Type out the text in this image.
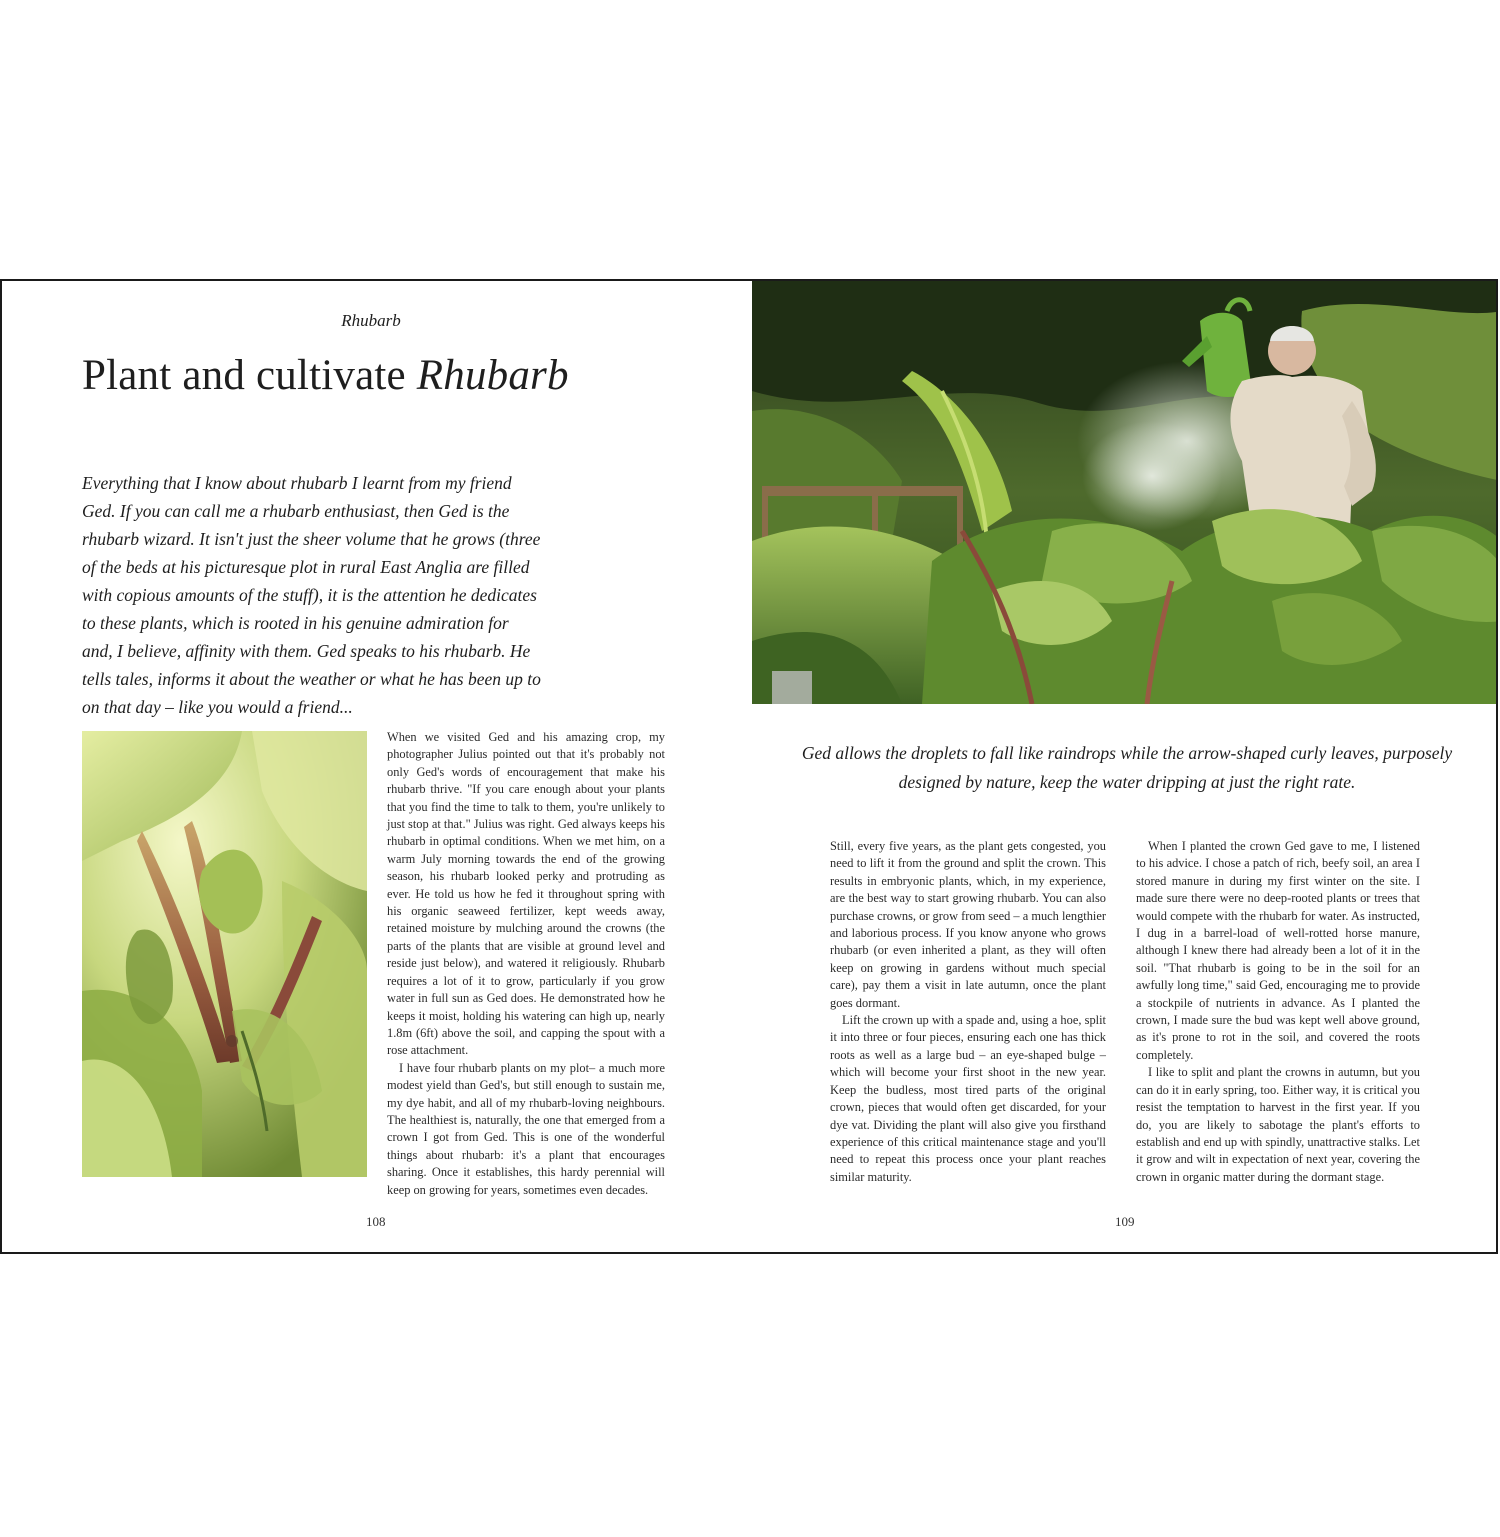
Rhubarb
Plant and cultivate Rhubarb

Everything that I know about rhubarb I learnt from my friend Ged. If you can call me a rhubarb enthusiast, then Ged is the rhubarb wizard. It isn't just the sheer volume that he grows (three of the beds at his picturesque plot in rural East Anglia are filled with copious amounts of the stuff), it is the attention he dedicates to these plants, which is rooted in his genuine admiration for and, I believe, affinity with them. Ged speaks to his rhubarb. He tells tales, informs it about the weather or what he has been up to on that day – like you would a friend...

When we visited Ged and his amazing crop, my photographer Julius pointed out that it's probably not only Ged's words of encouragement that make his rhubarb thrive. "If you care enough about your plants that you find the time to talk to them, you're unlikely to just stop at that." Julius was right. Ged always keeps his rhubarb in optimal conditions. When we met him, on a warm July morning towards the end of the growing season, his rhubarb looked perky and protruding as ever. He told us how he fed it throughout spring with his organic seaweed fertilizer, kept weeds away, retained moisture by mulching around the crowns (the parts of the plants that are visible at ground level and reside just below), and watered it religiously. Rhubarb requires a lot of it to grow, particularly if you grow water in full sun as Ged does. He demonstrated how he keeps it moist, holding his watering can high up, nearly 1.8m (6ft) above the soil, and capping the spout with a rose attachment.

I have four rhubarb plants on my plot– a much more modest yield than Ged's, but still enough to sustain me, my dye habit, and all of my rhubarb-loving neighbours. The healthiest is, naturally, the one that emerged from a crown I got from Ged. This is one of the wonderful things about rhubarb: it's a plant that encourages sharing. Once it establishes, this hardy perennial will keep on growing for years, sometimes even decades.

108

Ged allows the droplets to fall like raindrops while the arrow-shaped curly leaves, purposely designed by nature, keep the water dripping at just the right rate.

Still, every five years, as the plant gets congested, you need to lift it from the ground and split the crown. This results in embryonic plants, which, in my experience, are the best way to start growing rhubarb. You can also purchase crowns, or grow from seed – a much lengthier and laborious process. If you know anyone who grows rhubarb (or even inherited a plant, as they will often keep on growing in gardens without much special care), pay them a visit in late autumn, once the plant goes dormant.

Lift the crown up with a spade and, using a hoe, split it into three or four pieces, ensuring each one has thick roots as well as a large bud – an eye-shaped bulge – which will become your first shoot in the new year. Keep the budless, most tired parts of the original crown, pieces that would often get discarded, for your dye vat. Dividing the plant will also give you firsthand experience of this critical maintenance stage and you'll need to repeat this process once your plant reaches similar maturity.

When I planted the crown Ged gave to me, I listened to his advice. I chose a patch of rich, beefy soil, an area I stored manure in during my first winter on the site. I made sure there were no deep-rooted plants or trees that would compete with the rhubarb for water. As instructed, I dug in a barrel-load of well-rotted horse manure, although I knew there had already been a lot of it in the soil. "That rhubarb is going to be in the soil for an awfully long time," said Ged, encouraging me to provide a stockpile of nutrients in advance. As I planted the crown, I made sure the bud was kept well above ground, as it's prone to rot in the soil, and covered the roots completely.

I like to split and plant the crowns in autumn, but you can do it in early spring, too. Either way, it is critical you resist the temptation to harvest in the first year. If you do, you are likely to sabotage the plant's efforts to establish and end up with spindly, unattractive stalks. Let it grow and wilt in expectation of next year, covering the crown in organic matter during the dormant stage.

109
